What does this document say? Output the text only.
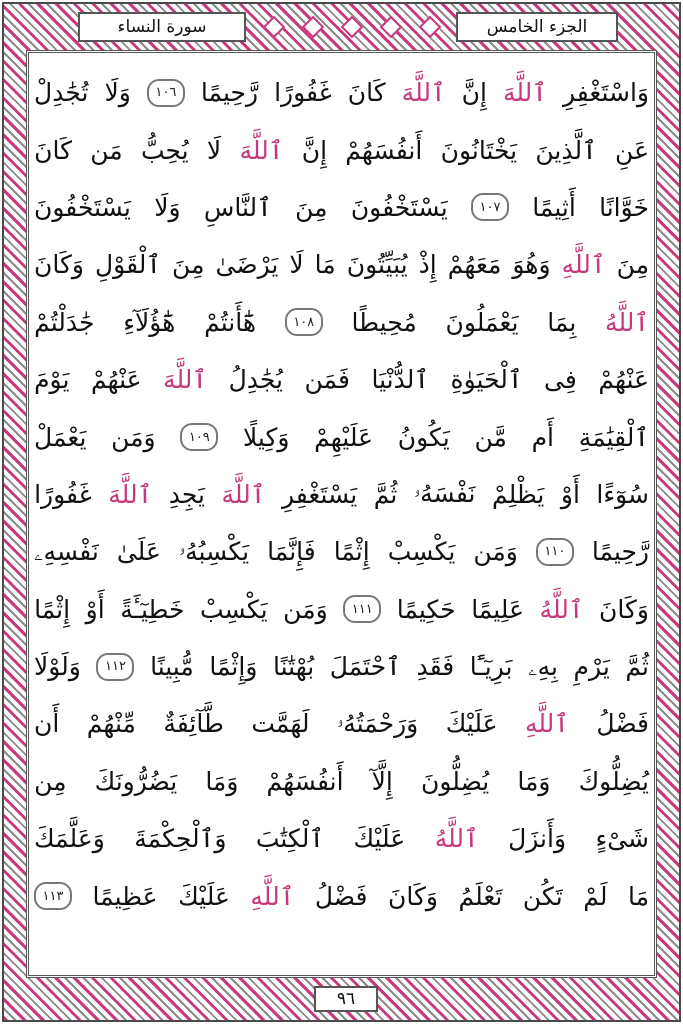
الجزء الخامس
سورة النساء
٩٦
وَاسْتَغْفِرِ
ٱللَّهَ
إِنَّ
ٱللَّهَ
كَانَ
غَفُورًا
رَّحِيمًا
١٠٦
وَلَا
تُجَٰدِلْ
عَنِ
ٱلَّذِينَ
يَخْتَانُونَ
أَنفُسَهُمْ
إِنَّ
ٱللَّهَ
لَا
يُحِبُّ
مَن
كَانَ
خَوَّانًا
أَثِيمًا
١٠٧
يَسْتَخْفُونَ
مِنَ
ٱلنَّاسِ
وَلَا
يَسْتَخْفُونَ
مِنَ
ٱللَّهِ
وَهُوَ
مَعَهُمْ
إِذْ
يُبَيِّتُونَ
مَا
لَا
يَرْضَىٰ
مِنَ
ٱلْقَوْلِ
وَكَانَ
ٱللَّهُ
بِمَا
يَعْمَلُونَ
مُحِيطًا
١٠٨
هَٰٓأَنتُمْ
هَٰٓؤُلَآءِ
جَٰدَلْتُمْ
عَنْهُمْ
فِى
ٱلْحَيَوٰةِ
ٱلدُّنْيَا
فَمَن
يُجَٰدِلُ
ٱللَّهَ
عَنْهُمْ
يَوْمَ
ٱلْقِيَٰمَةِ
أَم
مَّن
يَكُونُ
عَلَيْهِمْ
وَكِيلًا
١٠٩
وَمَن
يَعْمَلْ
سُوٓءًا
أَوْ
يَظْلِمْ
نَفْسَهُۥ
ثُمَّ
يَسْتَغْفِرِ
ٱللَّهَ
يَجِدِ
ٱللَّهَ
غَفُورًا
رَّحِيمًا
١١٠
وَمَن
يَكْسِبْ
إِثْمًا
فَإِنَّمَا
يَكْسِبُهُۥ
عَلَىٰ
نَفْسِهِۦ
وَكَانَ
ٱللَّهُ
عَلِيمًا
حَكِيمًا
١١١
وَمَن
يَكْسِبْ
خَطِيٓـَٔةً
أَوْ
إِثْمًا
ثُمَّ
يَرْمِ
بِهِۦ
بَرِيٓـًٔا
فَقَدِ
ٱحْتَمَلَ
بُهْتَٰنًا
وَإِثْمًا
مُّبِينًا
١١٢
وَلَوْلَا
فَضْلُ
ٱللَّهِ
عَلَيْكَ
وَرَحْمَتُهُۥ
لَهَمَّت
طَّآئِفَةٌ
مِّنْهُمْ
أَن
يُضِلُّوكَ
وَمَا
يُضِلُّونَ
إِلَّآ
أَنفُسَهُمْ
وَمَا
يَضُرُّونَكَ
مِن
شَىْءٍ
وَأَنزَلَ
ٱللَّهُ
عَلَيْكَ
ٱلْكِتَٰبَ
وَٱلْحِكْمَةَ
وَعَلَّمَكَ
مَا
لَمْ
تَكُن
تَعْلَمُ
وَكَانَ
فَضْلُ
ٱللَّهِ
عَلَيْكَ
عَظِيمًا
١١٣
